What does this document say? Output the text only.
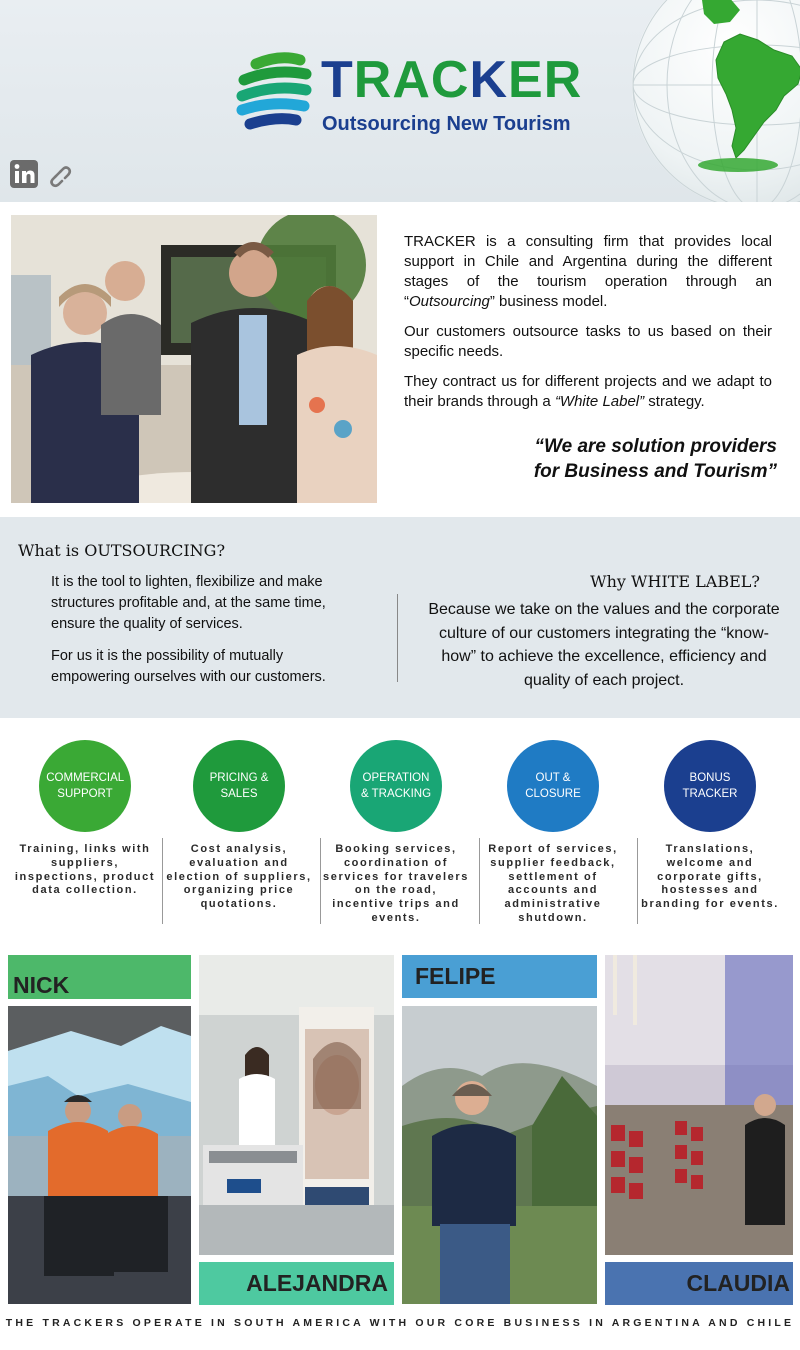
TRACKER
Outsourcing New Tourism

TRACKER is a consulting firm that provides local support in Chile and Argentina during the different stages of the tourism operation through an “Outsourcing” business model.

Our customers outsource tasks to us based on their specific needs.

They contract us for different projects and we adapt to their brands through a “White Label” strategy.

“We are solution providers
for Business and Tourism”
What is OUTSOURCING?

It is the tool to lighten, flexibilize and make structures profitable and, at the same time, ensure the quality of services.

For us it is the possibility of mutually empowering ourselves with our customers.

Why WHITE LABEL?
Because we take on the values and the corporate culture of our customers integrating the “know-how” to achieve the excellence, efficiency and quality of each project.
COMMERCIAL SUPPORT
Training, links with suppliers, inspections, product data collection.
PRICING & SALES
Cost analysis, evaluation and election of suppliers, organizing price quotations.
OPERATION & TRACKING
Booking services, coordination of services for travelers on the road, incentive trips and events.
OUT & CLOSURE
Report of services, supplier feedback, settlement of accounts and administrative shutdown.
BONUS TRACKER
Translations, welcome and corporate gifts, hostesses and branding for events.
NICK
ALEJANDRA
FELIPE
CLAUDIA
THE TRACKERS OPERATE IN SOUTH AMERICA WITH OUR CORE BUSINESS IN ARGENTINA AND CHILE
